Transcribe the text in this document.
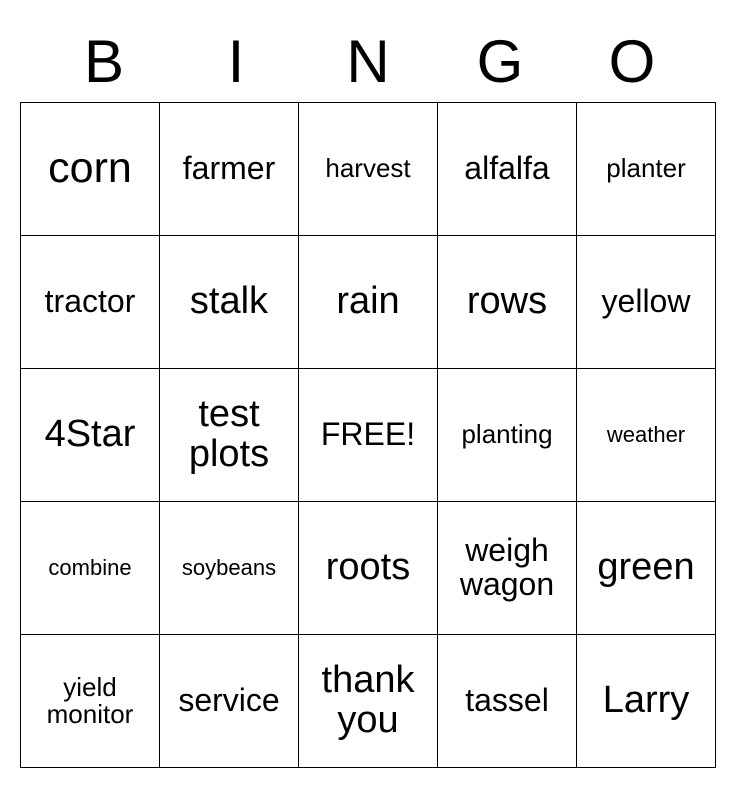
B	I	N	G	O
corn	farmer	harvest	alfalfa	planter

tractor	stalk	rain	rows	yellow

4Star	test plots	FREE!	planting	weather

combine	soybeans	roots	weigh wagon	green

yield monitor	service	thank you	tassel	Larry
